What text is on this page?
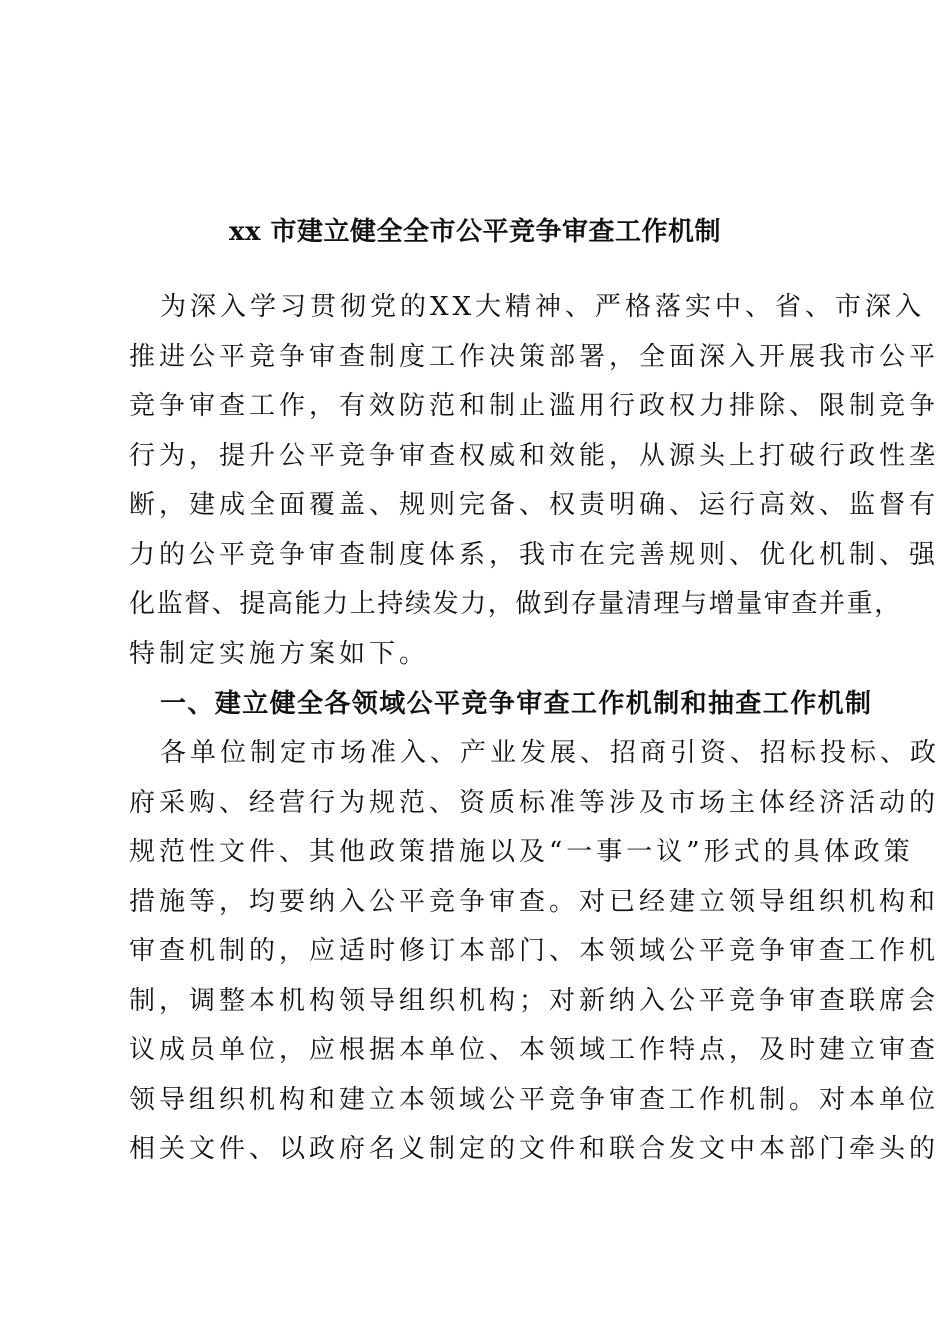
xx 市建立健全全市公平竞争审查工作机制
为深入学习贯彻党的XX大精神、严格落实中、省、市深入
推进公平竞争审查制度工作决策部署，全面深入开展我市公平
竞争审查工作，有效防范和制止滥用行政权力排除、限制竞争
行为，提升公平竞争审查权威和效能，从源头上打破行政性垄
断，建成全面覆盖、规则完备、权责明确、运行高效、监督有
力的公平竞争审查制度体系，我市在完善规则、优化机制、强
化监督、提高能力上持续发力，做到存量清理与增量审查并重，
特制定实施方案如下。
一、建立健全各领域公平竞争审查工作机制和抽查工作机制
各单位制定市场准入、产业发展、招商引资、招标投标、政
府采购、经营行为规范、资质标准等涉及市场主体经济活动的
规范性文件、其他政策措施以及“一事一议”形式的具体政策
措施等，均要纳入公平竞争审查。对已经建立领导组织机构和
审查机制的，应适时修订本部门、本领域公平竞争审查工作机
制，调整本机构领导组织机构；对新纳入公平竞争审查联席会
议成员单位，应根据本单位、本领域工作特点，及时建立审查
领导组织机构和建立本领域公平竞争审查工作机制。对本单位
相关文件、以政府名义制定的文件和联合发文中本部门牵头的
